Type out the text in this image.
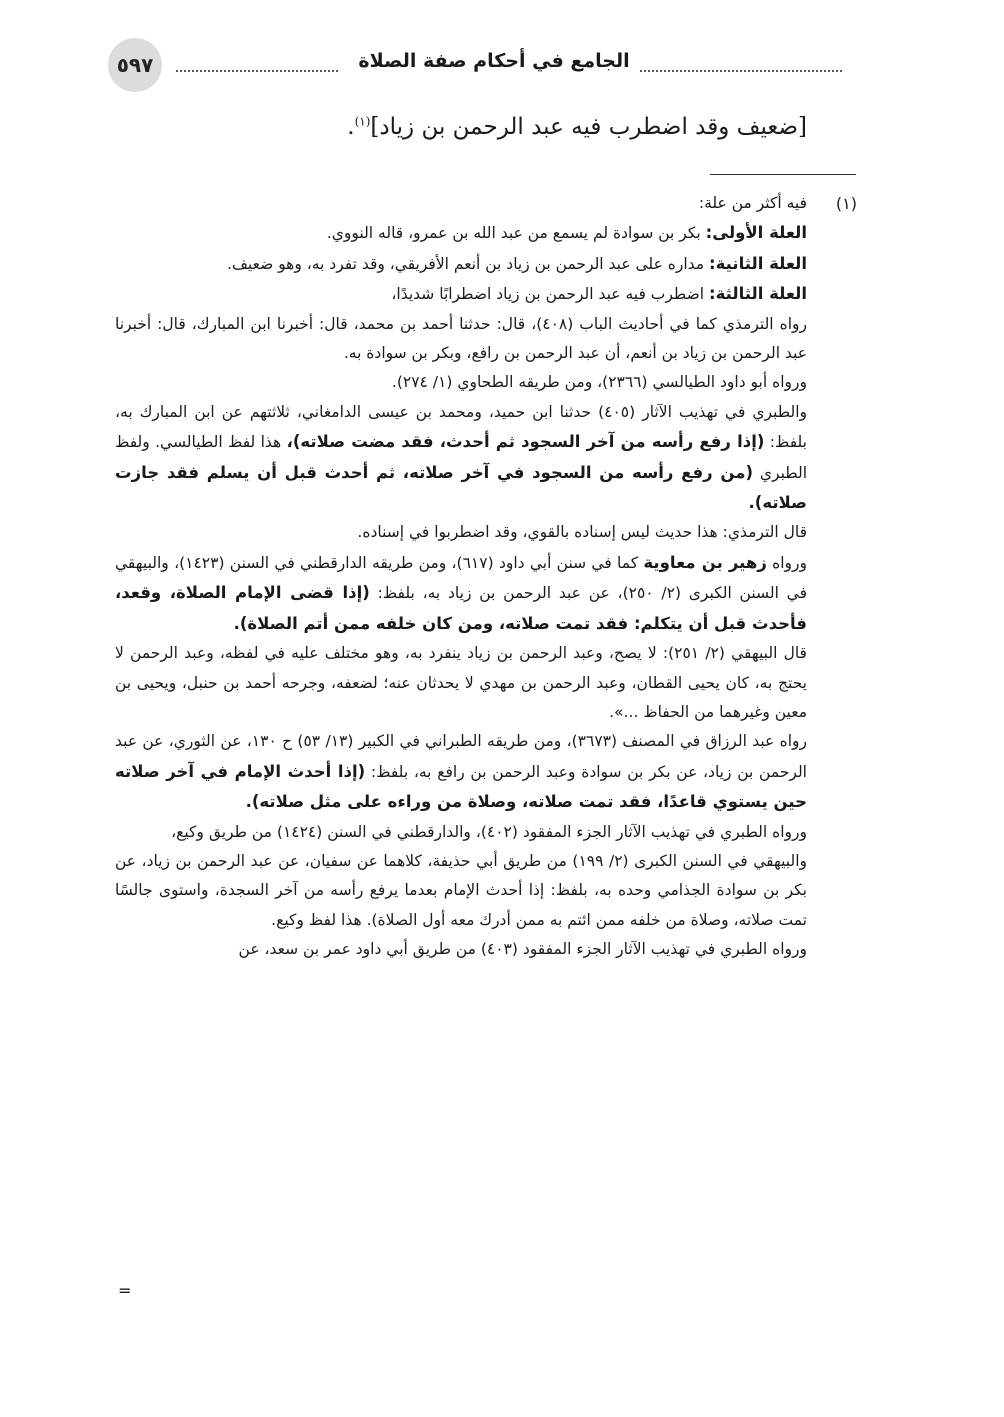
٥٩٧	الجامع في أحكام صفة الصلاة
[ضعيف وقد اضطرب فيه عبد الرحمن بن زياد]$^{(١)}$.
(١)

فيه أكثر من علة:

العلة الأولى: بكر بن سوادة لم يسمع من عبد الله بن عمرو، قاله النووي.

العلة الثانية: مداره على عبد الرحمن بن زياد بن أنعم الأفريقي، وقد تفرد به، وهو ضعيف.

العلة الثالثة: اضطرب فيه عبد الرحمن بن زياد اضطرابًا شديدًا،

رواه الترمذي كما في أحاديث الباب (٤٠٨)، قال: حدثنا أحمد بن محمد، قال: أخبرنا ابن المبارك، قال: أخبرنا عبد الرحمن بن زياد بن أنعم، أن عبد الرحمن بن رافع، وبكر بن سوادة به.

ورواه أبو داود الطيالسي (٢٣٦٦)، ومن طريقه الطحاوي (١/ ٢٧٤).

والطبري في تهذيب الآثار (٤٠٥) حدثنا ابن حميد، ومحمد بن عيسى الدامغاني، ثلاثتهم عن ابن المبارك به، بلفظ: (إذا رفع رأسه من آخر السجود ثم أحدث، فقد مضت صلاته)، هذا لفظ الطيالسي. ولفظ الطبري (من رفع رأسه من السجود في آخر صلاته، ثم أحدث قبل أن يسلم فقد جازت صلاته).

قال الترمذي: هذا حديث ليس إسناده بالقوي، وقد اضطربوا في إسناده.

ورواه زهير بن معاوية كما في سنن أبي داود (٦١٧)، ومن طريقه الدارقطني في السنن (١٤٢٣)، والبيهقي في السنن الكبرى (٢/ ٢٥٠)، عن عبد الرحمن بن زياد به، بلفظ: (إذا قضى الإمام الصلاة، وقعد، فأحدث قبل أن يتكلم: فقد تمت صلاته، ومن كان خلفه ممن أتم الصلاة).

قال البيهقي (٢/ ٢٥١): لا يصح، وعبد الرحمن بن زياد ينفرد به، وهو مختلف عليه في لفظه، وعبد الرحمن لا يحتج به، كان يحيى القطان، وعبد الرحمن بن مهدي لا يحدثان عنه؛ لضعفه، وجرحه أحمد بن حنبل، ويحيى بن معين وغيرهما من الحفاظ ...».

رواه عبد الرزاق في المصنف (٣٦٧٣)، ومن طريقه الطبراني في الكبير (١٣/ ٥٣) ح ١٣٠، عن الثوري، عن عبد الرحمن بن زياد، عن بكر بن سوادة وعبد الرحمن بن رافع به، بلفظ: (إذا أحدث الإمام في آخر صلاته حين يستوي قاعدًا، فقد تمت صلاته، وصلاة من وراءه على مثل صلاته).

ورواه الطبري في تهذيب الآثار الجزء المفقود (٤٠٢)، والدارقطني في السنن (١٤٢٤) من طريق وكيع،

والبيهقي في السنن الكبرى (٢/ ١٩٩) من طريق أبي حذيفة، كلاهما عن سفيان، عن عبد الرحمن بن زياد، عن بكر بن سوادة الجذامي وحده به، بلفظ: إذا أحدث الإمام بعدما يرفع رأسه من آخر السجدة، واستوى جالسًا تمت صلاته، وصلاة من خلفه ممن ائتم به ممن أدرك معه أول الصلاة). هذا لفظ وكيع.

ورواه الطبري في تهذيب الآثار الجزء المفقود (٤٠٣) من طريق أبي داود عمر بن سعد، عن

=
